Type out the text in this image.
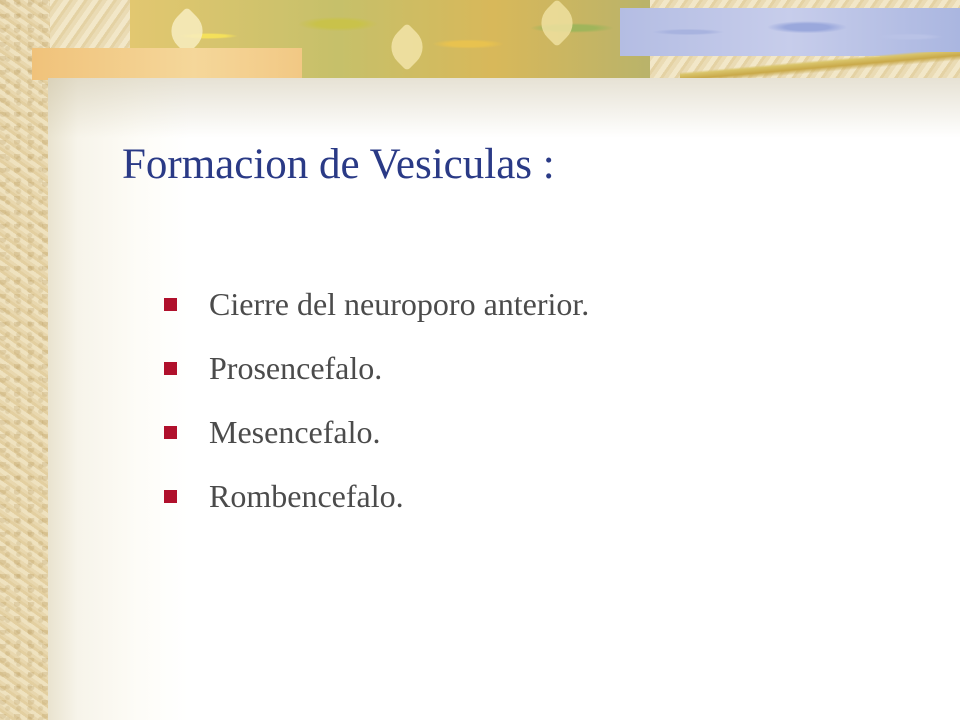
Formacion de Vesiculas :
Cierre del neuroporo anterior.
Prosencefalo.
Mesencefalo.
Rombencefalo.
